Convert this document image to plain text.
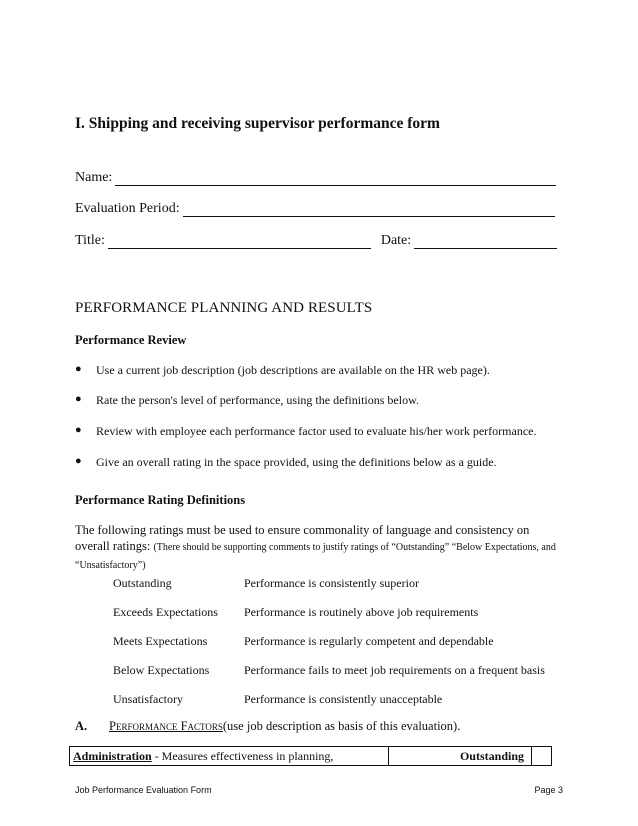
I. Shipping and receiving supervisor performance form
Name:
Evaluation Period:
Title:	Date:
PERFORMANCE PLANNING AND RESULTS
Performance Review
●	Use a current job description (job descriptions are available on the HR web page).
●	Rate the person's level of performance, using the definitions below.
●	Review with employee each performance factor used to evaluate his/her work performance.
●	Give an overall rating in the space provided, using the definitions below as a guide.
Performance Rating Definitions
The following ratings must be used to ensure commonality of language and consistency on overall ratings: (There should be supporting comments to justify ratings of “Outstanding” “Below Expectations, and “Unsatisfactory”)
Outstanding	Performance is consistently superior
Exceeds Expectations	Performance is routinely above job requirements
Meets Expectations	Performance is regularly competent and dependable
Below Expectations	Performance fails to meet job requirements on a frequent basis
Unsatisfactory	Performance is consistently unacceptable
A.	Performance Factors (use job description as basis of this evaluation).
Administration - Measures effectiveness in planning,	Outstanding
Job Performance Evaluation Form	Page 3
